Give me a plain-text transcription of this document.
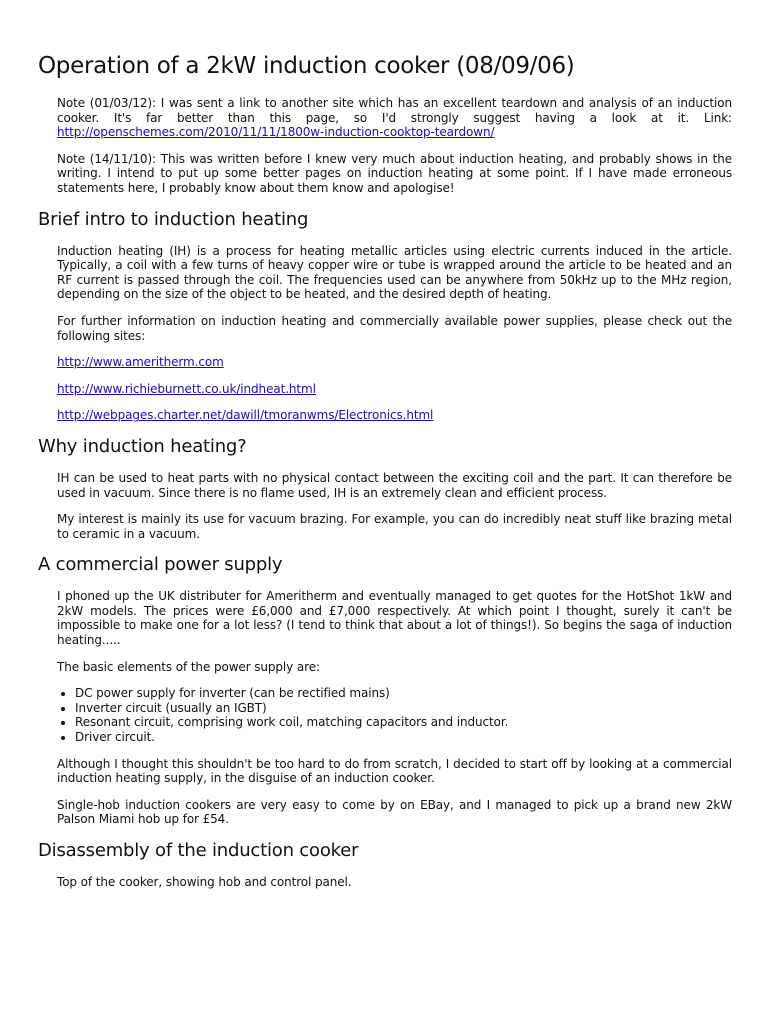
Operation of a 2kW induction cooker (08/09/06)

Note (01/03/12): I was sent a link to another site which has an excellent teardown and analysis of an induction cooker. It's far better than this page, so I'd strongly suggest having a look at it. Link: http://openschemes.com/2010/11/11/1800w-induction-cooktop-teardown/

Note (14/11/10): This was written before I knew very much about induction heating, and probably shows in the writing. I intend to put up some better pages on induction heating at some point. If I have made erroneous statements here, I probably know about them know and apologise!

Brief intro to induction heating

Induction heating (IH) is a process for heating metallic articles using electric currents induced in the article. Typically, a coil with a few turns of heavy copper wire or tube is wrapped around the article to be heated and an RF current is passed through the coil. The frequencies used can be anywhere from 50kHz up to the MHz region, depending on the size of the object to be heated, and the desired depth of heating.

For further information on induction heating and commercially available power supplies, please check out the following sites:

http://www.ameritherm.com

http://www.richieburnett.co.uk/indheat.html

http://webpages.charter.net/dawill/tmoranwms/Electronics.html

Why induction heating?

IH can be used to heat parts with no physical contact between the exciting coil and the part. It can therefore be used in vacuum. Since there is no flame used, IH is an extremely clean and efficient process.

My interest is mainly its use for vacuum brazing. For example, you can do incredibly neat stuff like brazing metal to ceramic in a vacuum.

A commercial power supply

I phoned up the UK distributer for Ameritherm and eventually managed to get quotes for the HotShot 1kW and 2kW models. The prices were £6,000 and £7,000 respectively. At which point I thought, surely it can't be impossible to make one for a lot less? (I tend to think that about a lot of things!). So begins the saga of induction heating.....

The basic elements of the power supply are:

• DC power supply for inverter (can be rectified mains)
• Inverter circuit (usually an IGBT)
• Resonant circuit, comprising work coil, matching capacitors and inductor.
• Driver circuit.

Although I thought this shouldn't be too hard to do from scratch, I decided to start off by looking at a commercial induction heating supply, in the disguise of an induction cooker.

Single-hob induction cookers are very easy to come by on EBay, and I managed to pick up a brand new 2kW Palson Miami hob up for £54.

Disassembly of the induction cooker

Top of the cooker, showing hob and control panel.
